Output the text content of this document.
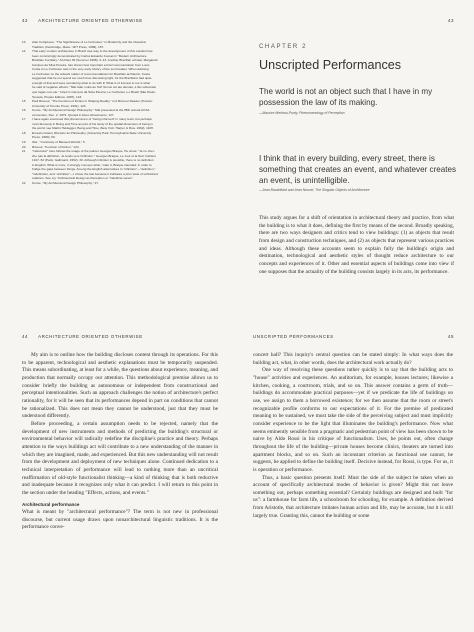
42 ARCHITECTURE ORIENTED OTHERWISE
13	Alan Colquhoun, "The Significance of Le Corbusier," in Modernity and the Classical
Tradition (Cambridge, Mass.: MIT Press, 1989), 187.
14	That early modern architecture in Brazil owe way to the development of this solution has
been convincingly demonstrated by Carlos Eduardo Comas in "Modern Architecture
Brazilian Corollary," AA Files 36 (Summer 1998): 3–13. Another Brazilian scholar, Margareth
Campos da Silva Pereira, has shown how important a brief communication from Lucio
Costa to Le Corbusier was in the very early history of the sun breaker. When advising
Le Corbusier on the artwork matter of recommendations for Brazilian architects, Costa
suggested that he not spend too much time discussing light, for the Brazilians had quite
enough of that and were wondering what to do with it! What is of interest to me is what
he said of negative effects: "Não falar muito de Sol! Temos sol até demais, é tão sobretudo
que fugas com ele." Cited in Campos da Silva Pereira, Le Corbusier e o Brasil (São Paulo:
Tessela, Projeto Editora, 1987), 143.
15	Paul Ricoeur, "The Function of Fiction in Shaping Reality," in A Ricoeur Reader (Toronto:
University of Toronto Press, 1991), 124.
16	Kunze, "My Architectural Design Philosophy." Talk presented at the 85th annual ACSA
convention, Dec. 2, 1979. Quoted in Deux Aboutments, 127.
17	I have again examined this phenomenon of "being informed" in many texts, but perhaps
most famously in Being and Time as part of his study of the spatial dimension of being in
the world; see Martin Heidegger, Being and Time (New York: Harper & Row, 1962), 110ff.
18	Ernesto Grassi, Rhetoric as Philosophy (University Park: Pennsylvania State University
Press, 1980), 60.
19	Ibid., "Continuity of Blessed Worlds," 5.
20	Ricoeur, "Function of Fiction," 124.
21	"Indecision" here follows the usage of the painter Georges Braque. He wrote: "Je ne cher-
che pas la définition. Je tends vers l'infinition." Georges Braque, Le Jour et la Nuit: Cahiers
1917–52 (Paris: Gallimard, 1952), 30. Although Infinition is possible, there is no definition
in English. What is more, it strongly conveys what, I take it, Braque intended: in order to
bridge the gaps between things. Among the English alternatives to "infinition"—"definition,"
"indefinition, and "unfinition"—I chose the last because it indicates a prior state of unfinished
relations. See my "Architectural Design as Reception or "indefinite series".
22	Kunze, "My Architectural Design Philosophy," 27.
43
CHAPTER 2
Unscripted Performances
The world is not an object such that I have in my possession the law of its making.
—Maurice Merleau-Ponty, Phenomenology of Perception
I think that in every building, every street, there is something that creates an event, and whatever creates an event, is unintelligible.
—Jean Baudrillard and Jean Nouvel, The Singular Objects of Architecture

This study argues for a shift of orientation in architectural theory and practice, from what the building is to what it does, defining the first by means of the second. Broadly speaking, there are two ways designers and critics tend to view buildings: (1) as objects that result from design and construction techniques, and (2) as objects that represent various practices and ideas. Although these accounts seem to explain fully the building's origin and destination, technological and aesthetic styles of thought reduce architecture to our concepts and experiences of it. Other and essential aspects of buildings come into view if one supposes that the actuality of the building consists largely in its acts, its performance.

44 ARCHITECTURE ORIENTED OTHERWISE

My aim is to outline how the building discloses content through its operations. For this to be apparent, technological and aesthetic explanations must be temporarily suspended. This means subordinating, at least for a while, the questions about experience, meaning, and production that normally occupy our attention. This methodological premise allows us to consider briefly the building as autonomous or independent from constructional and perceptual intentionalities. Such an approach challenges the notion of architecture's perfect rationality, for it will be seen that its performances depend in part on conditions that cannot be rationalized. This does not mean they cannot be understood, just that they must be understood differently.

Before proceeding, a certain assumption needs to be rejected, namely that the development of new instruments and methods of predicting the building's structural or environmental behavior will radically redefine the discipline's practice and theory. Perhaps attention to the ways buildings act will contribute to a new understanding of the manner in which they are imagined, made, and experienced. But this new understanding will not result from the development and deployment of new techniques alone. Continued dedication to a technical interpretation of performance will lead to nothing more than an uncritical reaffirmation of old-style functionalist thinking—a kind of thinking that is both reductive and inadequate because it recognizes only what it can predict. I will return to this point in the section under the heading "Effects, actions, and events."

Architectural performance

What is meant by "architectural performance"? The term is not new in professional discourse, but current usage draws upon nonarchitectural linguistic traditions. It is the performance conve-

UNSCRIPTED PERFORMANCES	45

concert hall? This inquiry's central question can be stated simply: In what ways does the building act, what, in other words, does the architectural work actually do?

One way of resolving these questions rather quickly is to say that the building acts to "house" activities and experiences. An auditorium, for example, houses lectures; likewise a kitchen, cooking, a courtroom, trials, and so on. This answer contains a germ of truth—buildings do accommodate practical purposes—yet if we predicate the life of buildings on use, we assign to them a borrowed existence; for we then assume that the room or street's recognizable profile conforms to our expectations of it. For the premise of predicated meaning to be sustained, we must take the side of the perceiving subject and must implicitly consider experience to be the light that illuminates the building's performance. Now what seems eminently sensible from a pragmatic and pedestrian point of view has been shown to be naive by Aldo Rossi in his critique of functionalism. Uses, he points out, often change throughout the life of the building—private houses become clinics, theaters are turned into apartment blocks, and so on. Such an inconstant criterion as functional use cannot, he suggests, be applied to define the building itself. Decisive instead, for Rossi, is type. For us, it is operation or performance.

Thus, a basic question presents itself: Must the side of the subject be taken when an account of specifically architectural modes of behavior is given? Might this not leave something out, perhaps something essential? Certainly buildings are designed and built "for us": a farmhouse for farm life, a schoolroom for schooling, for example. A definition derived from Aristotle, that architecture imitates human action and life, may be accurate, but it is still largely true. Granting this, cannot the building or some
